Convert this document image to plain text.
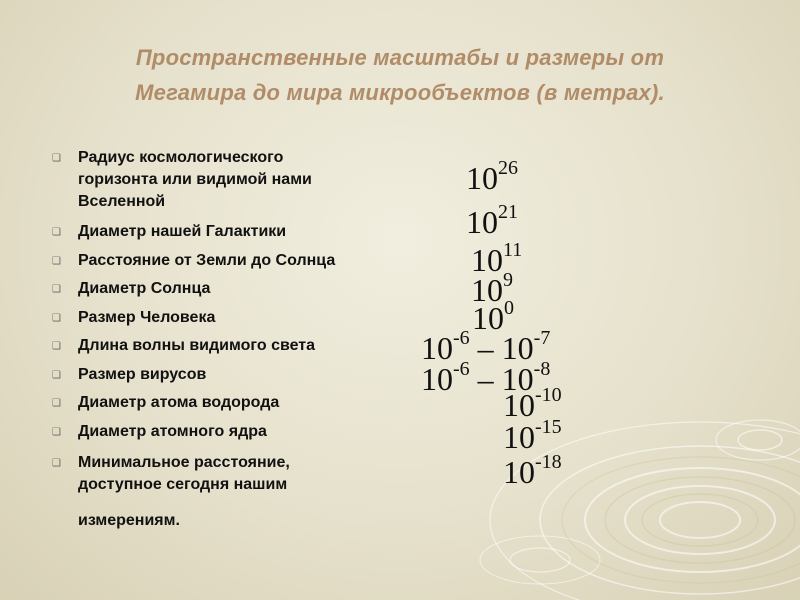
Пространственные масштабы и размеры от
Мегамира до мира микрообъектов (в метрах).
❑ Радиус космологического
горизонта или видимой нами
Вселенной
$10^{26}$
❑ Диаметр нашей Галактики	$10^{21}$
❑ Расстояние от Земли до Солнца	$10^{11}$
❑ Диаметр Солнца	$10^9$
❑ Размер Человека	$10^0$
❑ Длина волны видимого света	$10^{-6} - 10^{-7}$
❑ Размер вирусов	$10^{-6} - 10^{-8}$
❑ Диаметр атома водорода	$10^{-10}$
❑ Диаметр атомного ядра	$10^{-15}$
❑ Минимальное расстояние,
доступное сегодня нашим
измерениям.
$10^{-18}$
